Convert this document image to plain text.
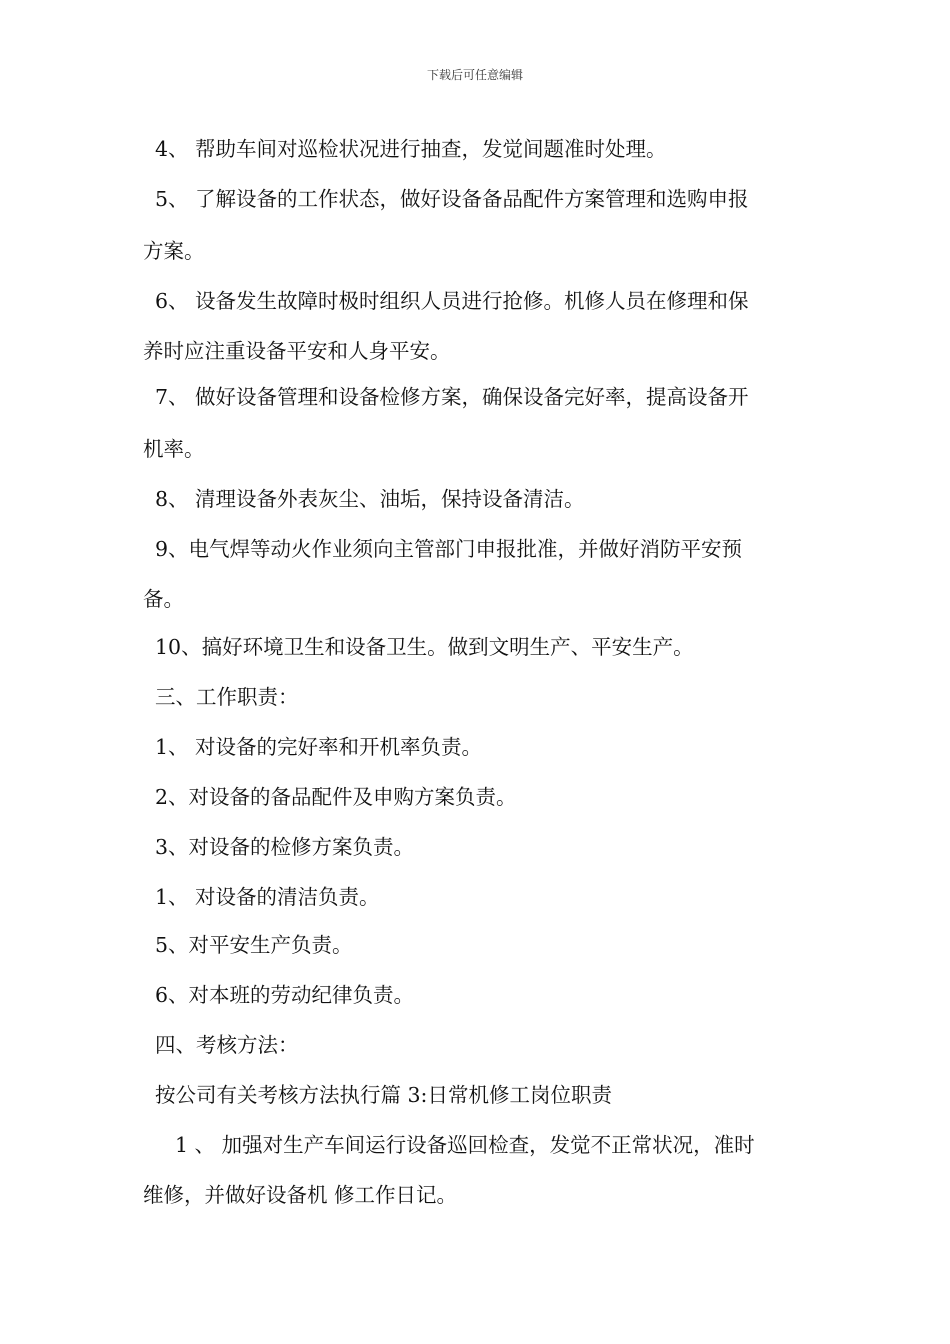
下载后可任意编辑
4、 帮助车间对巡检状况进行抽查，发觉间题准时处理。
5、 了解设备的工作状态，做好设备备品配件方案管理和选购申报
方案。
6、 设备发生故障时极时组织人员进行抢修。机修人员在修理和保
养时应注重设备平安和人身平安。
7、 做好设备管理和设备检修方案，确保设备完好率，提高设备开
机率。
8、 清理设备外表灰尘、油垢，保持设备清洁。
9、电气焊等动火作业须向主管部门申报批准，并做好消防平安预
备。
10、搞好环境卫生和设备卫生。做到文明生产、平安生产。
三、工作职责：
1、 对设备的完好率和开机率负责。
2、对设备的备品配件及申购方案负责。
3、对设备的检修方案负责。
1、 对设备的清洁负责。
5、对平安生产负责。
6、对本班的劳动纪律负责。
四、考核方法：
按公司有关考核方法执行篇 3:日常机修工岗位职责
1 、 加强对生产车间运行设备巡回检查，发觉不正常状况，准时
维修，并做好设备机 修工作日记。
